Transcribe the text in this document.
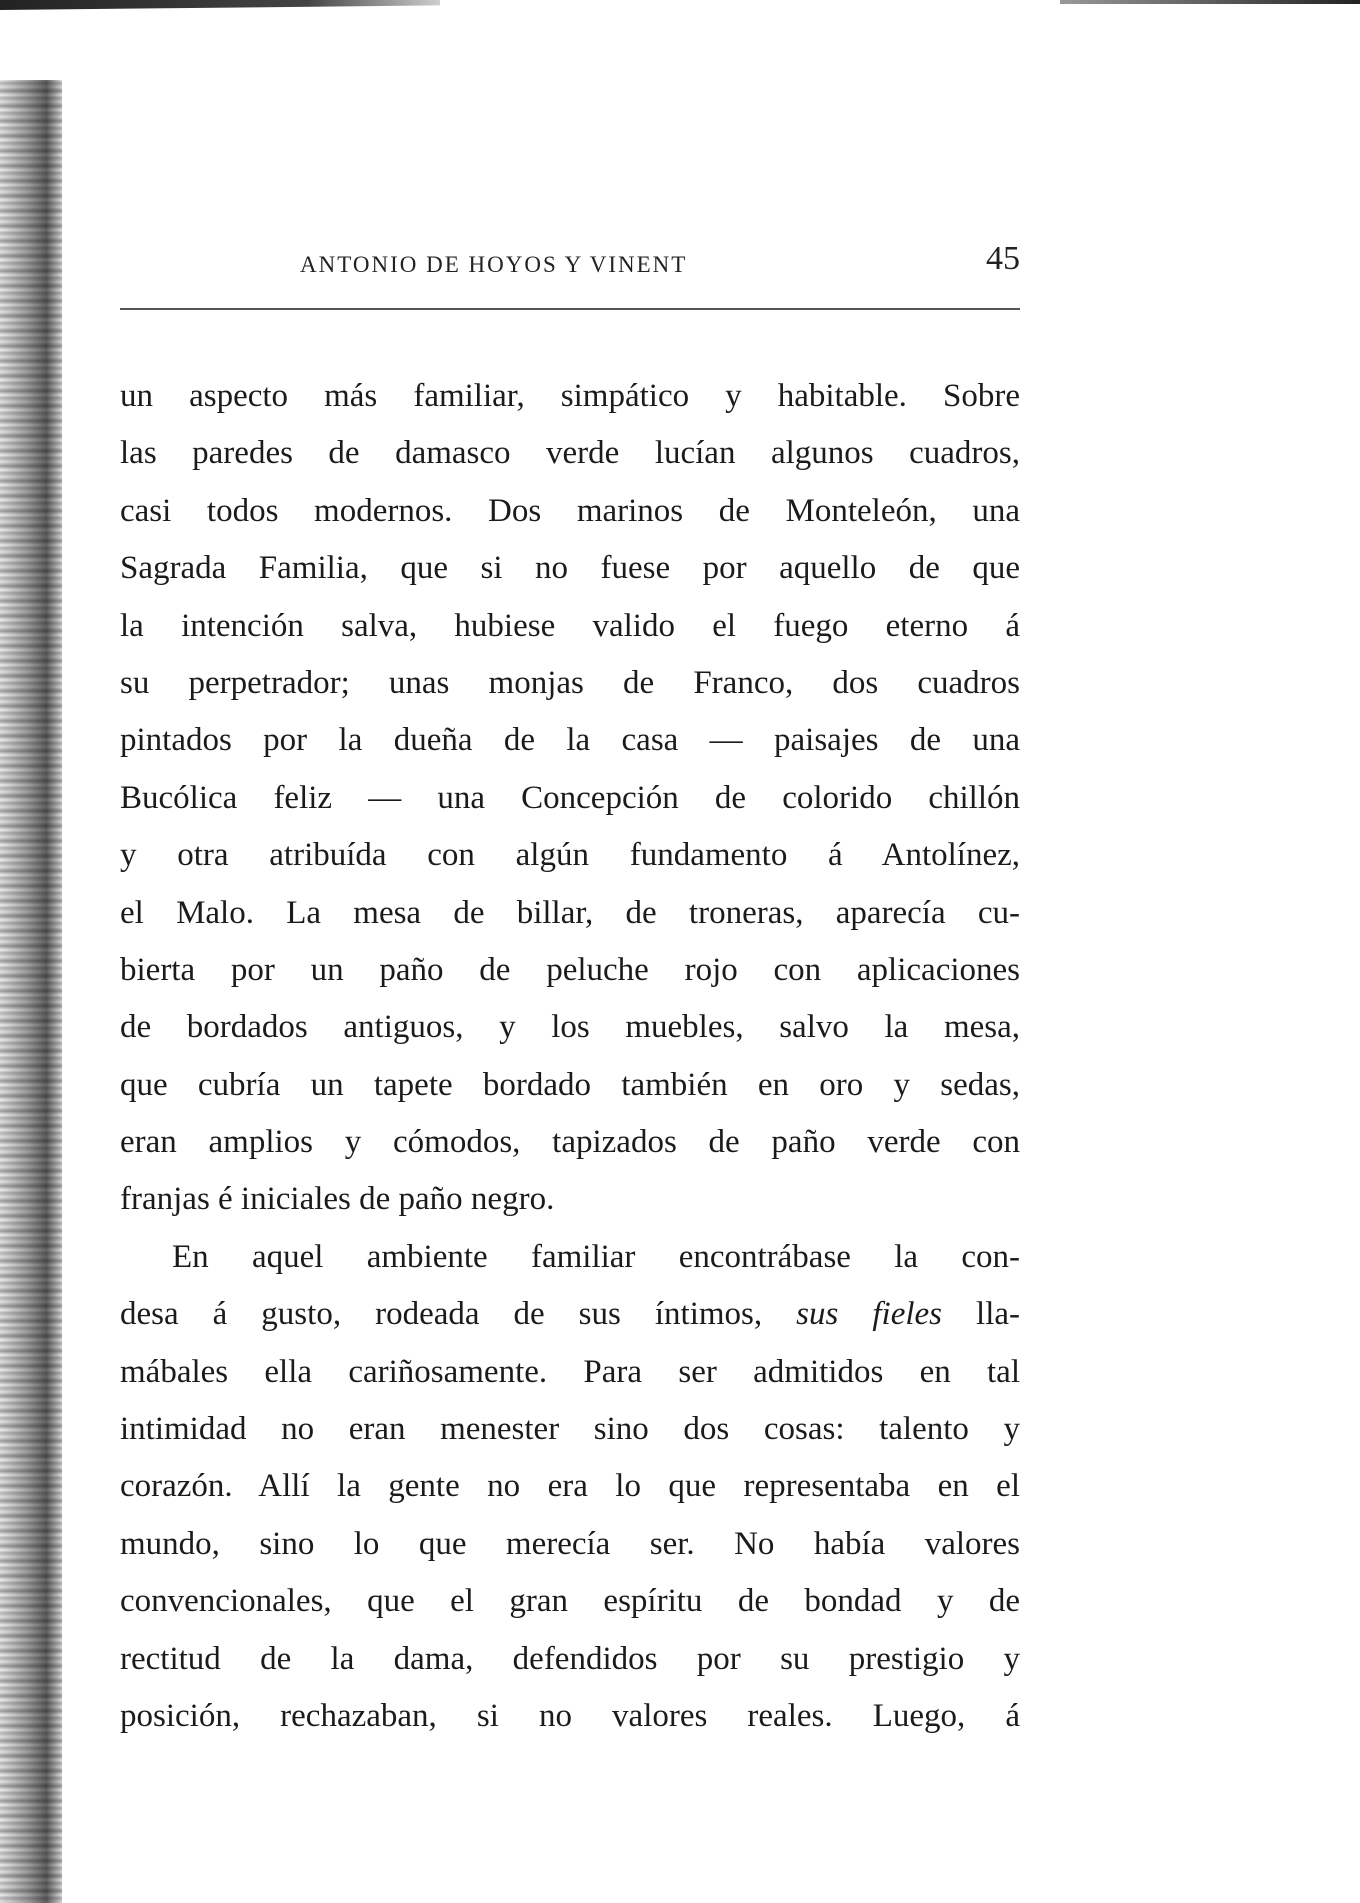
ANTONIO DE HOYOS Y VINENT	45
un aspecto más familiar, simpático y habitable. Sobre
las paredes de damasco verde lucían algunos cuadros,
casi todos modernos. Dos marinos de Monteleón, una
Sagrada Familia, que si no fuese por aquello de que
la intención salva, hubiese valido el fuego eterno á
su perpetrador; unas monjas de Franco, dos cuadros
pintados por la dueña de la casa — paisajes de una
Bucólica feliz — una Concepción de colorido chillón
y otra atribuída con algún fundamento á Antolínez,
el Malo. La mesa de billar, de troneras, aparecía cu-
bierta por un paño de peluche rojo con aplicaciones
de bordados antiguos, y los muebles, salvo la mesa,
que cubría un tapete bordado también en oro y sedas,
eran amplios y cómodos, tapizados de paño verde con
franjas é iniciales de paño negro.
En aquel ambiente familiar encontrábase la con-
desa á gusto, rodeada de sus íntimos, sus fieles lla-
mábales ella cariñosamente. Para ser admitidos en tal
intimidad no eran menester sino dos cosas: talento y
corazón. Allí la gente no era lo que representaba en el
mundo, sino lo que merecía ser. No había valores
convencionales, que el gran espíritu de bondad y de
rectitud de la dama, defendidos por su prestigio y
posición, rechazaban, si no valores reales. Luego, á
